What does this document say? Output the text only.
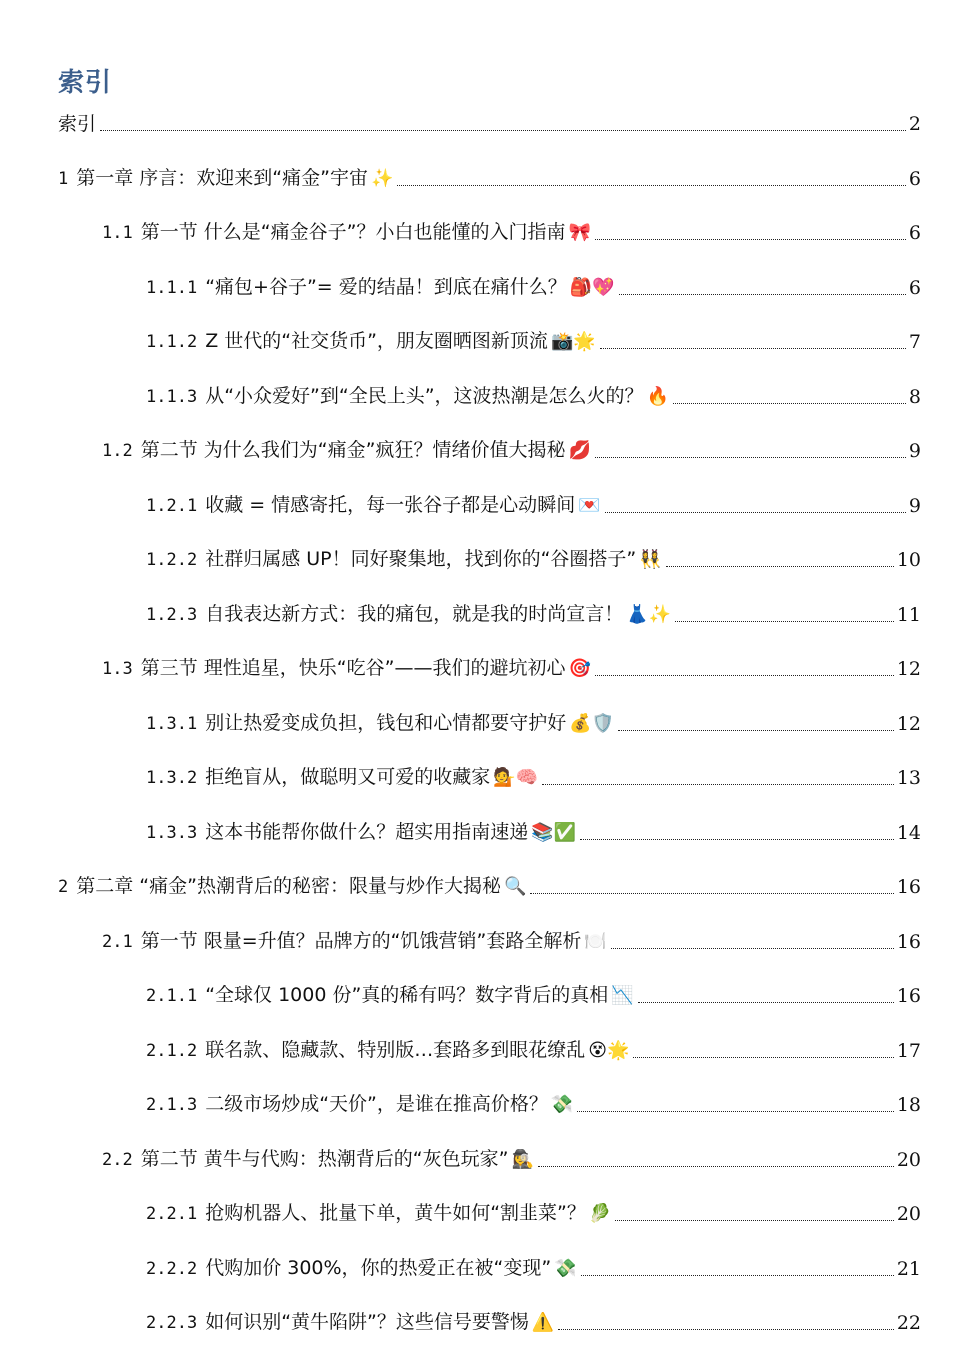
索引
索引	2
1 第一章 序言：欢迎来到“痛金”宇宙 ✨	6
1.1 第一节 什么是“痛金谷子”？小白也能懂的入门指南 🎀	6
1.1.1 “痛包+谷子”= 爱的结晶！到底在痛什么？ 🎒💖	6
1.1.2 Z 世代的“社交货币”，朋友圈晒图新顶流 📸🌟	7
1.1.3 从“小众爱好”到“全民上头”，这波热潮是怎么火的？ 🔥	8
1.2 第二节 为什么我们为“痛金”疯狂？情绪价值大揭秘 💋	9
1.2.1 收藏 = 情感寄托，每一张谷子都是心动瞬间 💌	9
1.2.2 社群归属感 UP！同好聚集地，找到你的“谷圈搭子” 👯‍♀️	10
1.2.3 自我表达新方式：我的痛包，就是我的时尚宣言！ 👗✨	11
1.3 第三节 理性追星，快乐“吃谷”——我们的避坑初心 🎯	12
1.3.1 别让热爱变成负担，钱包和心情都要守护好 💰🛡️	12
1.3.2 拒绝盲从，做聪明又可爱的收藏家 💁🧠	13
1.3.3 这本书能帮你做什么？超实用指南速递 📚✅	14
2 第二章 “痛金”热潮背后的秘密：限量与炒作大揭秘 🔍	16
2.1 第一节 限量=升值？品牌方的“饥饿营销”套路全解析 🍽️	16
2.1.1 “全球仅 1000 份”真的稀有吗？数字背后的真相 📉	16
2.1.2 联名款、隐藏款、特别版…套路多到眼花缭乱 😵🌟	17
2.1.3 二级市场炒成“天价”，是谁在推高价格？ 💸	18
2.2 第二节 黄牛与代购：热潮背后的“灰色玩家” 🕵️‍♀️	20
2.2.1 抢购机器人、批量下单，黄牛如何“割韭菜”？ 🥬	20
2.2.2 代购加价 300%，你的热爱正在被“变现” 💸	21
2.2.3 如何识别“黄牛陷阱”？这些信号要警惕 ⚠️	22
